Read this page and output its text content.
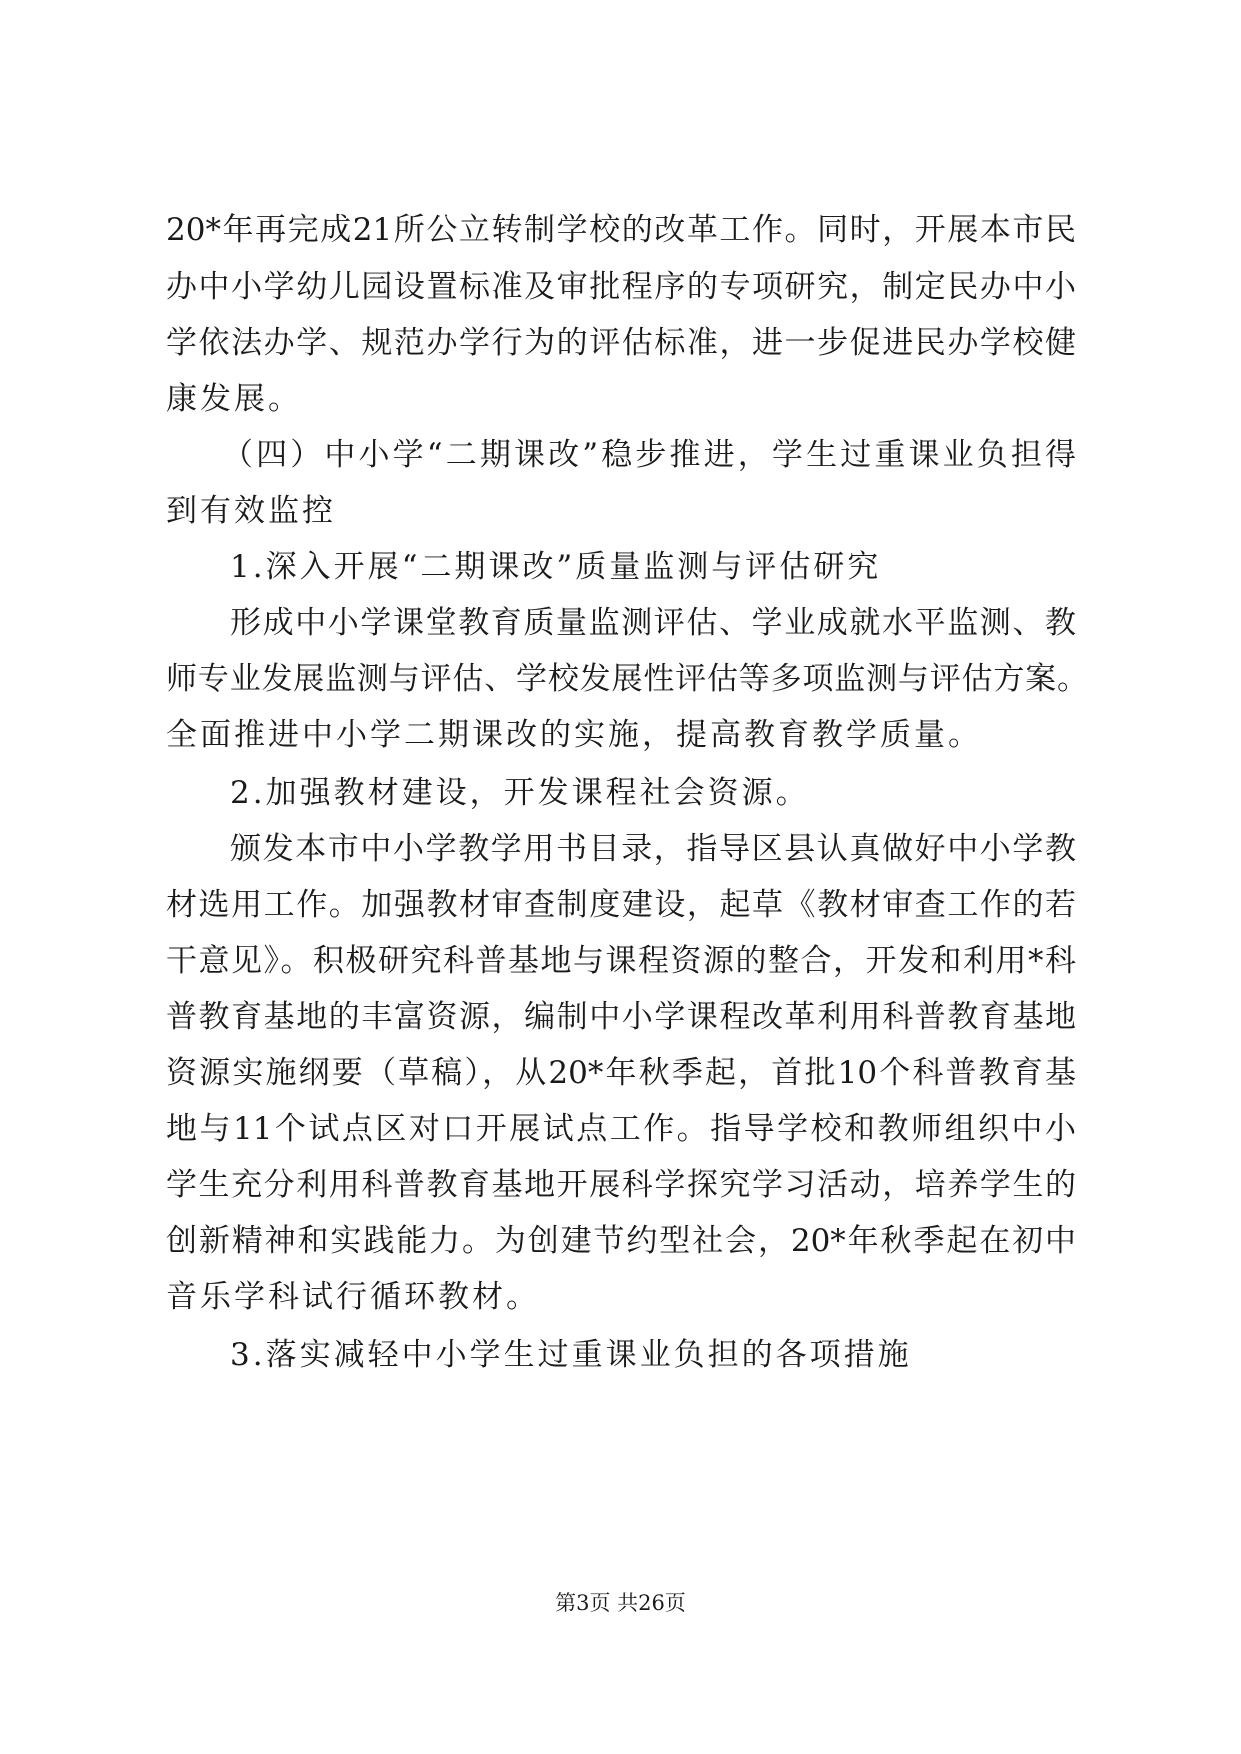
20*年再完成21所公立转制学校的改革工作。同时，开展本市民
办中小学幼儿园设置标准及审批程序的专项研究，制定民办中小
学依法办学、规范办学行为的评估标准，进一步促进民办学校健
康发展。
（四）中小学“二期课改”稳步推进，学生过重课业负担得
到有效监控
1.深入开展“二期课改”质量监测与评估研究
形成中小学课堂教育质量监测评估、学业成就水平监测、教
师专业发展监测与评估、学校发展性评估等多项监测与评估方案。
全面推进中小学二期课改的实施，提高教育教学质量。
2.加强教材建设，开发课程社会资源。
颁发本市中小学教学用书目录，指导区县认真做好中小学教
材选用工作。加强教材审查制度建设，起草《教材审查工作的若
干意见》。积极研究科普基地与课程资源的整合，开发和利用*科
普教育基地的丰富资源，编制中小学课程改革利用科普教育基地
资源实施纲要（草稿），从20*年秋季起，首批10个科普教育基
地与11个试点区对口开展试点工作。指导学校和教师组织中小
学生充分利用科普教育基地开展科学探究学习活动，培养学生的
创新精神和实践能力。为创建节约型社会，20*年秋季起在初中
音乐学科试行循环教材。
3.落实减轻中小学生过重课业负担的各项措施
第3页 共26页
